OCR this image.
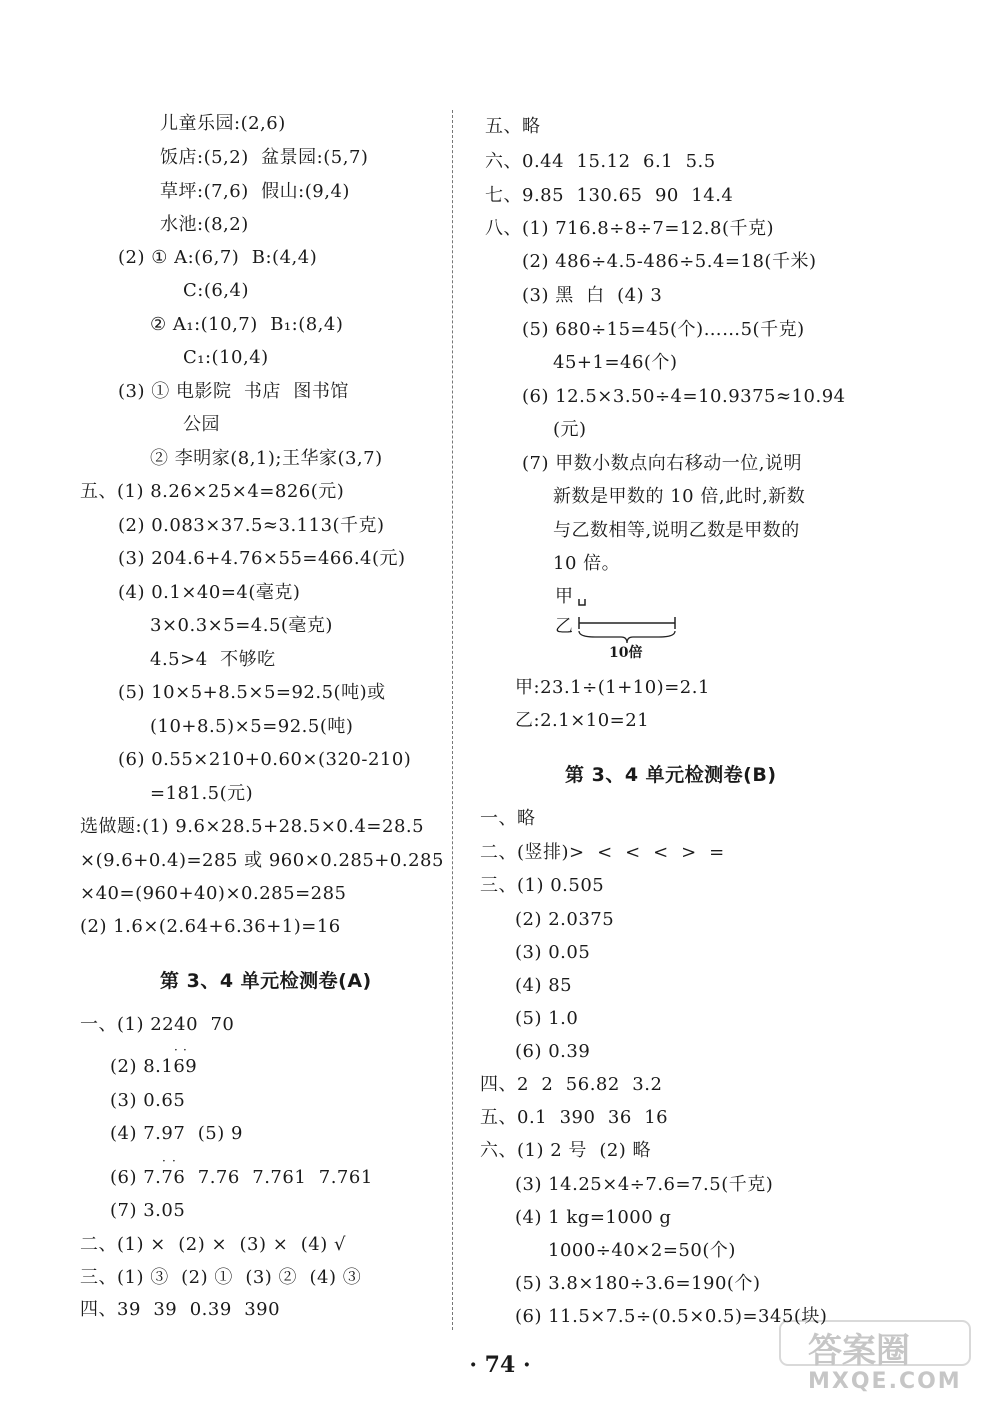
第 3、4 单元检测卷(A)
第 3、4 单元检测卷(B)
· ·
· ·
甲
乙
10倍
· 74 ·	答案圈
MXQE.COM
儿童乐园:(2,6)
饭店:(5,2)  盆景园:(5,7)
草坪:(7,6)  假山:(9,4)
水池:(8,2)
(2) ① A:(6,7)  B:(4,4)
C:(6,4)
② A₁:(10,7)  B₁:(8,4)
C₁:(10,4)
(3) ① 电影院  书店  图书馆
公园
② 李明家(8,1);王华家(3,7)
五、(1) 8.26×25×4=826(元)
(2) 0.083×37.5≈3.113(千克)
(3) 204.6+4.76×55=466.4(元)
(4) 0.1×40=4(毫克)
3×0.3×5=4.5(毫克)
4.5>4  不够吃
(5) 10×5+8.5×5=92.5(吨)或
(10+8.5)×5=92.5(吨)
(6) 0.55×210+0.60×(320-210)
=181.5(元)
选做题:(1) 9.6×28.5+28.5×0.4=28.5
×(9.6+0.4)=285 或 960×0.285+0.285
×40=(960+40)×0.285=285
(2) 1.6×(2.64+6.36+1)=16
一、(1) 2240  70
(2) 8.169
(3) 0.65
(4) 7.97  (5) 9
(6) 7.76  7.76  7.761  7.761
(7) 3.05
二、(1) ×  (2) ×  (3) ×  (4) √
三、(1) ③  (2) ①  (3) ②  (4) ③
四、39  39  0.39  390
五、略
六、0.44  15.12  6.1  5.5
七、9.85  130.65  90  14.4
八、(1) 716.8÷8÷7=12.8(千克)
(2) 486÷4.5-486÷5.4=18(千米)
(3) 黑  白  (4) 3
(5) 680÷15=45(个)……5(千克)
45+1=46(个)
(6) 12.5×3.50÷4=10.9375≈10.94
(元)
(7) 甲数小数点向右移动一位,说明
新数是甲数的 10 倍,此时,新数
与乙数相等,说明乙数是甲数的
10 倍。
甲:23.1÷(1+10)=2.1
乙:2.1×10=21
一、略
二、(竖排)>  <  <  <  >  =
三、(1) 0.505
(2) 2.0375
(3) 0.05
(4) 85
(5) 1.0
(6) 0.39
四、2  2  56.82  3.2
五、0.1  390  36  16
六、(1) 2 号  (2) 略
(3) 14.25×4÷7.6=7.5(千克)
(4) 1 kg=1000 g
1000÷40×2=50(个)
(5) 3.8×180÷3.6=190(个)
(6) 11.5×7.5÷(0.5×0.5)=345(块)
